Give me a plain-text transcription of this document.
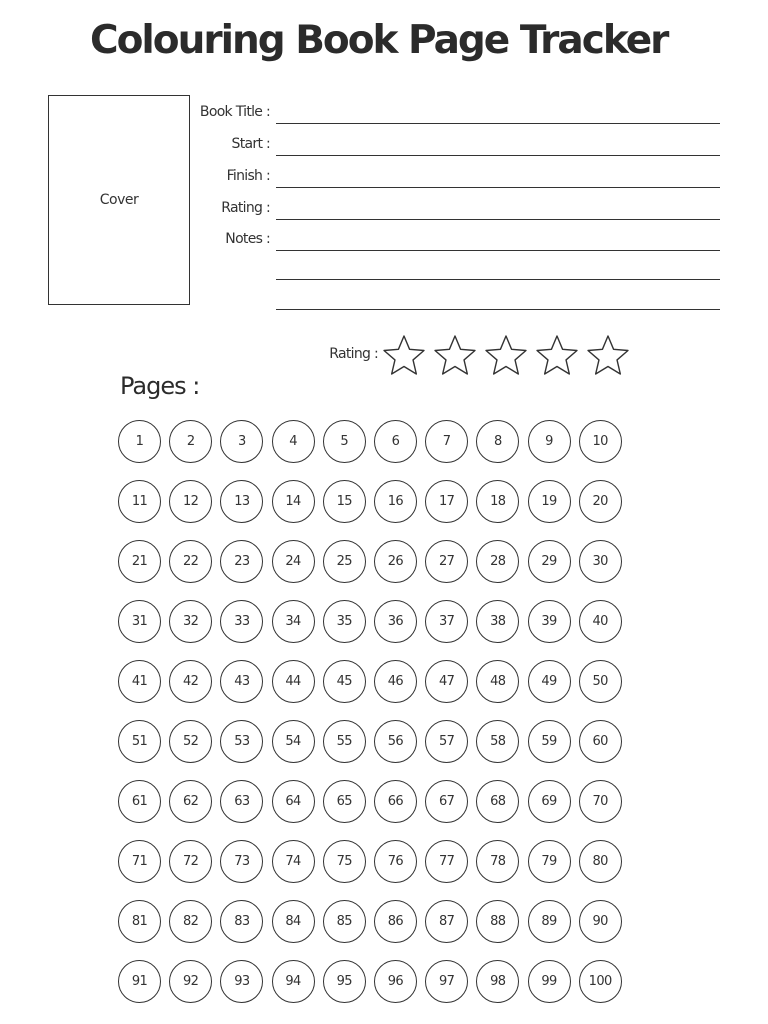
Colouring Book Page Tracker
Cover
Book Title :
Start :
Finish :
Rating :
Notes :
Rating :
Pages :
1	2	3	4	5	6	7	8	9	10
11	12	13	14	15	16	17	18	19	20
21	22	23	24	25	26	27	28	29	30
31	32	33	34	35	36	37	38	39	40
41	42	43	44	45	46	47	48	49	50
51	52	53	54	55	56	57	58	59	60
61	62	63	64	65	66	67	68	69	70
71	72	73	74	75	76	77	78	79	80
81	82	83	84	85	86	87	88	89	90
91	92	93	94	95	96	97	98	99	100
